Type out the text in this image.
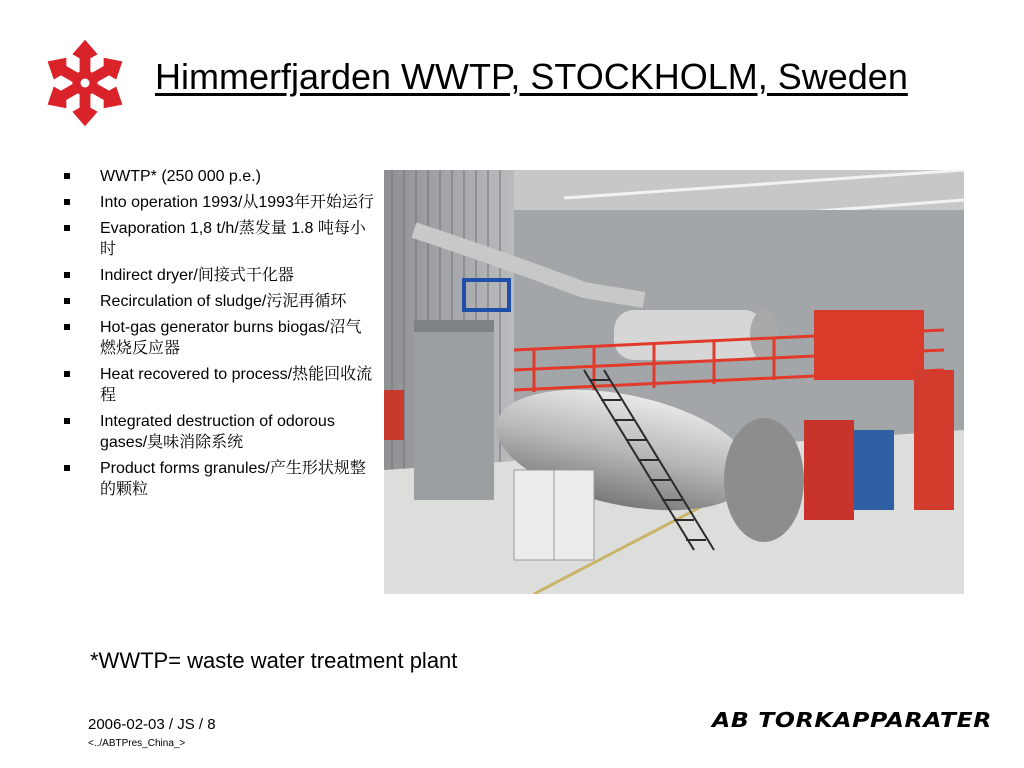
Himmerfjarden WWTP, STOCKHOLM, Sweden
WWTP* (250 000 p.e.)
Into operation 1993/从1993年开始运行
Evaporation 1,8 t/h/蒸发量 1.8 吨每小时
Indirect dryer/间接式干化器
Recirculation of sludge/污泥再循环
Hot-gas generator burns biogas/沼气燃烧反应器
Heat recovered to process/热能回收流程
Integrated destruction of odorous gases/臭味消除系统
Product forms granules/产生形状规整的颗粒
*WWTP= waste water treatment plant
2006-02-03 / JS / 8
<../ABTPres_China_>
AB TORKAPPARATER
